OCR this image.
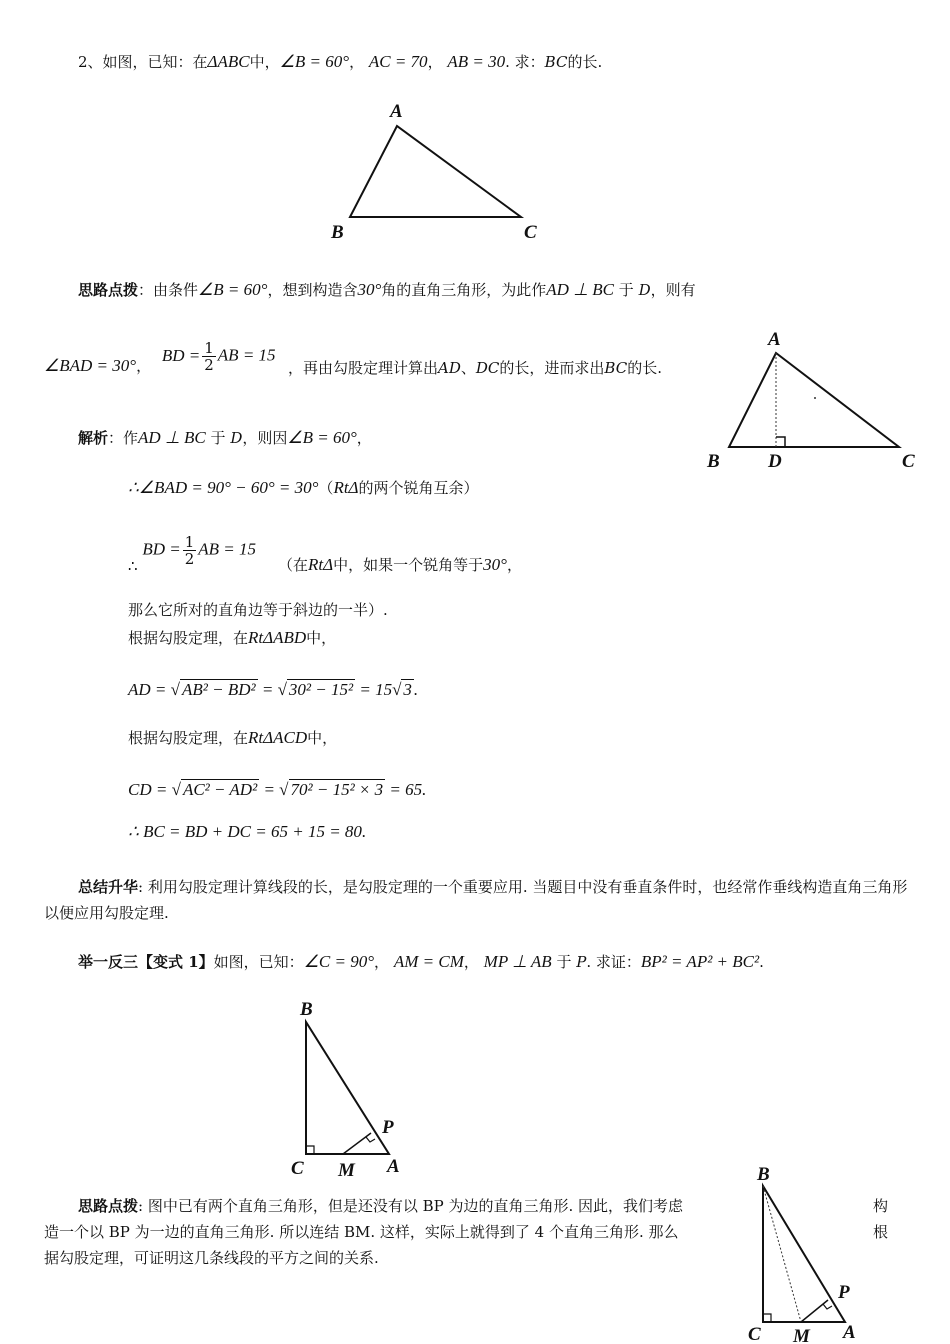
2、如图，已知：在ΔABC中，∠B = 60°， AC = 70， AB = 30. 求：BC的长.
A
B	C
思路点拨：由条件∠B = 60°，想到构造含30°角的直角三角形，为此作AD ⊥ BC 于 D，则有
∠BAD = 30°， BD = $\frac{1}{2}$ AB = 15
，再由勾股定理计算出AD、DC的长，进而求出BC的长.
A
B	D	C
解析：作AD ⊥ BC 于 D，则因∠B = 60°，
∴∠BAD = 90° − 60° = 30°（RtΔ的两个锐角互余）
∴ BD = $\frac{1}{2}$ AB = 15
（在RtΔ中，如果一个锐角等于30°，
那么它所对的直角边等于斜边的一半）.
根据勾股定理，在RtΔABD中，
AD = √ AB² − BD² = √ 30² − 15² = 15√ 3 .
根据勾股定理，在RtΔACD中，
CD = √ AC² − AD² = √ 70² − 15² × 3 = 65.
∴ BC = BD + DC = 65 + 15 = 80.
总结升华: 利用勾股定理计算线段的长，是勾股定理的一个重要应用. 当题目中没有垂直条件时，也经常作垂线构造直角三角形以便应用勾股定理.
举一反三【变式 1】如图，已知：∠C = 90°， AM = CM， MP ⊥ AB 于 P. 求证：BP² = AP² + BC².
B
P
C M A
思路点拨: 图中已有两个直角三角形，但是还没有以 BP 为边的直角三角形. 因此，我们考虑	构
造一个以 BP 为一边的直角三角形. 所以连结 BM. 这样，实际上就得到了 4 个直角三角形. 那么	根
据勾股定理，可证明这几条线段的平方之间的关系.
B
P
C M A
